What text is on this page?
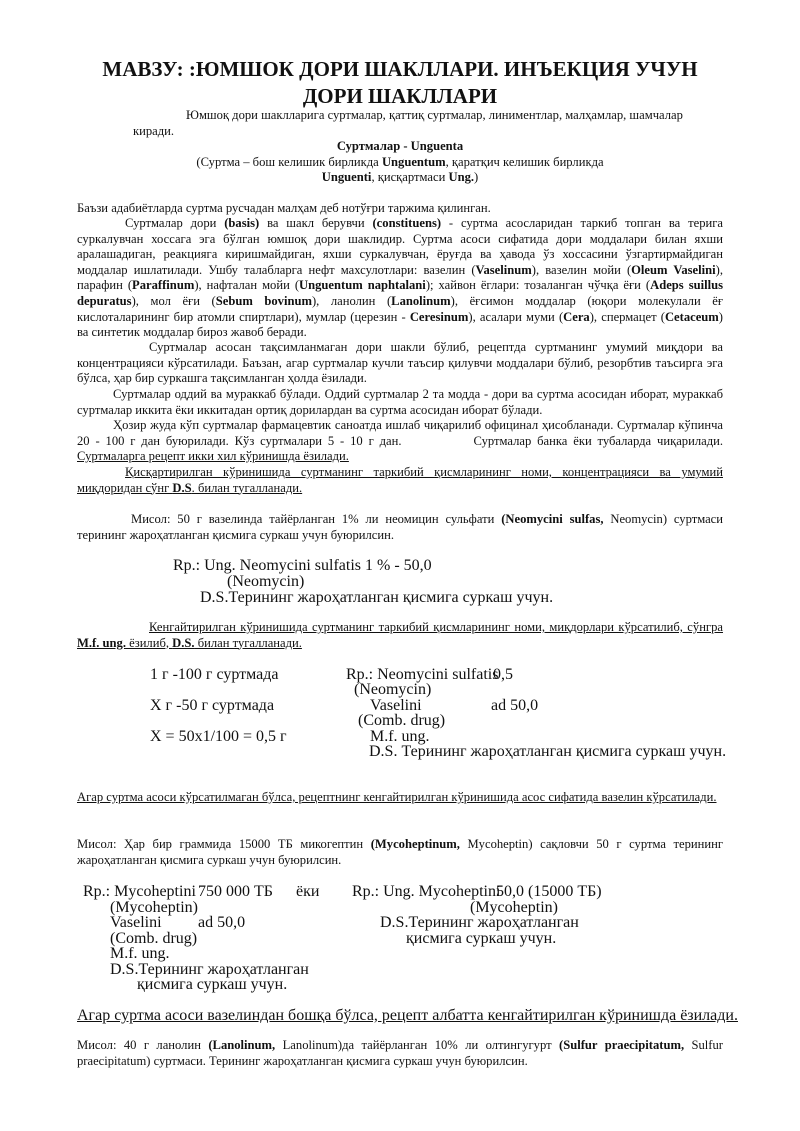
МАВЗУ: :ЮМШОК ДОРИ ШАКЛЛАРИ. ИНЪЕКЦИЯ УЧУН ДОРИ ШАКЛЛАРИ
Юмшоқ дори шаклларига суртмалар, қаттиқ суртмалар, линиментлар, малҳамлар, шамчалар
киради.
Суртмалар - Unguenta
(Суртма – бош келишик бирликда Unguentum, қаратқич келишик бирликда
Unguenti, қисқартмаси Ung.)
Баъзи адабиётларда суртма русчадан малҳам деб нотўғри таржима қилинган.
Суртмалар дори (basis) ва шакл берувчи (constituens) - суртма асосларидан таркиб топган ва терига суркалувчан хоссага эга бўлган юмшоқ дори шаклидир. Суртма асоси сифатида дори моддалари билан яхши аралашадиган, реакцияга киришмайдиган, яхши суркалувчан, ёруғда ва ҳавода ўз хоссасини ўзгартирмайдиган моддалар ишлатилади. Ушбу талабларга нефт махсулотлари: вазелин (Vaselinum), вазелин мойи (Oleum Vaselini), парафин (Paraffinum), нафталан мойи (Unguentum naphtalani); хайвон ёглари: тозаланган чўчқа ёғи (Adeps suillus depuratus), мол ёғи (Sebum bovinum), ланолин (Lanolinum), ёғсимон моддалар (юқори молекулали ёғ кислоталарининг бир атомли спиртлари), мумлар (церезин - Ceresinum), асалари муми (Cera), спермацет (Cetaceum) ва синтетик моддалар бироз жавоб беради.
Суртмалар асосан тақсимланмаган дори шакли бўлиб, рецептда суртманинг умумий миқдори ва концентрацияси кўрсатилади. Баъзан, агар суртмалар кучли таъсир қилувчи моддалари бўлиб, резорбтив таъсирга эга бўлса, ҳар бир суркашга тақсимланган ҳолда ёзилади.
Суртмалар оддий ва мураккаб бўлади. Оддий суртмалар 2 та модда - дори ва суртма асосидан иборат, мураккаб суртмалар иккита ёки иккитадан ортиқ дорилардан ва суртма асосидан иборат бўлади.
Ҳозир жуда кўп суртмалар фармацевтик саноатда ишлаб чиқарилиб официнал ҳисобланади. Суртмалар кўпинча 20 - 100 г дан буюрилади. Кўз суртмалари 5 - 10 г дан.	Суртмалар банка ёки тубаларда чиқарилади. Суртмаларга рецепт икки хил кўринишда ёзилади.
Қисқартирилган кўринишида суртманинг таркибий қисмларининг номи, концентрацияси ва умумий миқдоридан сўнг D.S. билан тугалланади.
Мисол: 50 г вазелинда тайёрланган 1% ли неомицин сульфати (Neomycini sulfas, Neomycin) суртмаси терининг жароҳатланган қисмига суркаш учун буюрилсин.
Rp.: Ung. Neomycini sulfatis 1 % - 50,0
(Neomycin)
D.S.Терининг жароҳатланган қисмига суркаш учун.
Кенгайтирилган кўринишида суртманинг таркибий қисмларининг номи, миқдорлари кўрсатилиб, сўнгра M.f. ung. ёзилиб, D.S. билан тугалланади.
1 г -100 г суртмада
Х г -50 г суртмада
Х = 50х1/100 = 0,5 г
Rp.: Neomycini sulfatis
0,5
(Neomycin)
Vaselini	ad 50,0
(Comb. drug)
M.f. ung.
D.S. Терининг жароҳатланган қисмига суркаш учун.
Агар суртма асоси кўрсатилмаган бўлса, рецептнинг кенгайтирилган кўринишида асос сифатида вазелин кўрсатилади.
Мисол: Ҳар бир граммида 15000 ТБ микогептин (Mycoheptinum, Mycoheptin) сақловчи 50 г суртма терининг жароҳатланган қисмига суркаш учун буюрилсин.
Rp.: Mycoheptini 750 000 ТБ ёки
(Mycoheptin)
Vaselini ad 50,0
(Comb. drug)
M.f. ung.
D.S.Терининг жароҳатланган
қисмига суркаш учун.
Rp.: Ung. Mycoheptini
50,0 (15000 ТБ)
(Mycoheptin)
D.S.Терининг жароҳатланган
қисмига суркаш учун.
Агар суртма асоси вазелиндан бошқа бўлса, рецепт албатта кенгайтирилган кўринишда ёзилади.
Мисол: 40 г ланолин (Lanolinum, Lanolinum)да тайёрланган 10% ли олтингугурт (Sulfur praecipitatum, Sulfur praecipitatum) суртмаси. Терининг жароҳатланган қисмига суркаш учун буюрилсин.
